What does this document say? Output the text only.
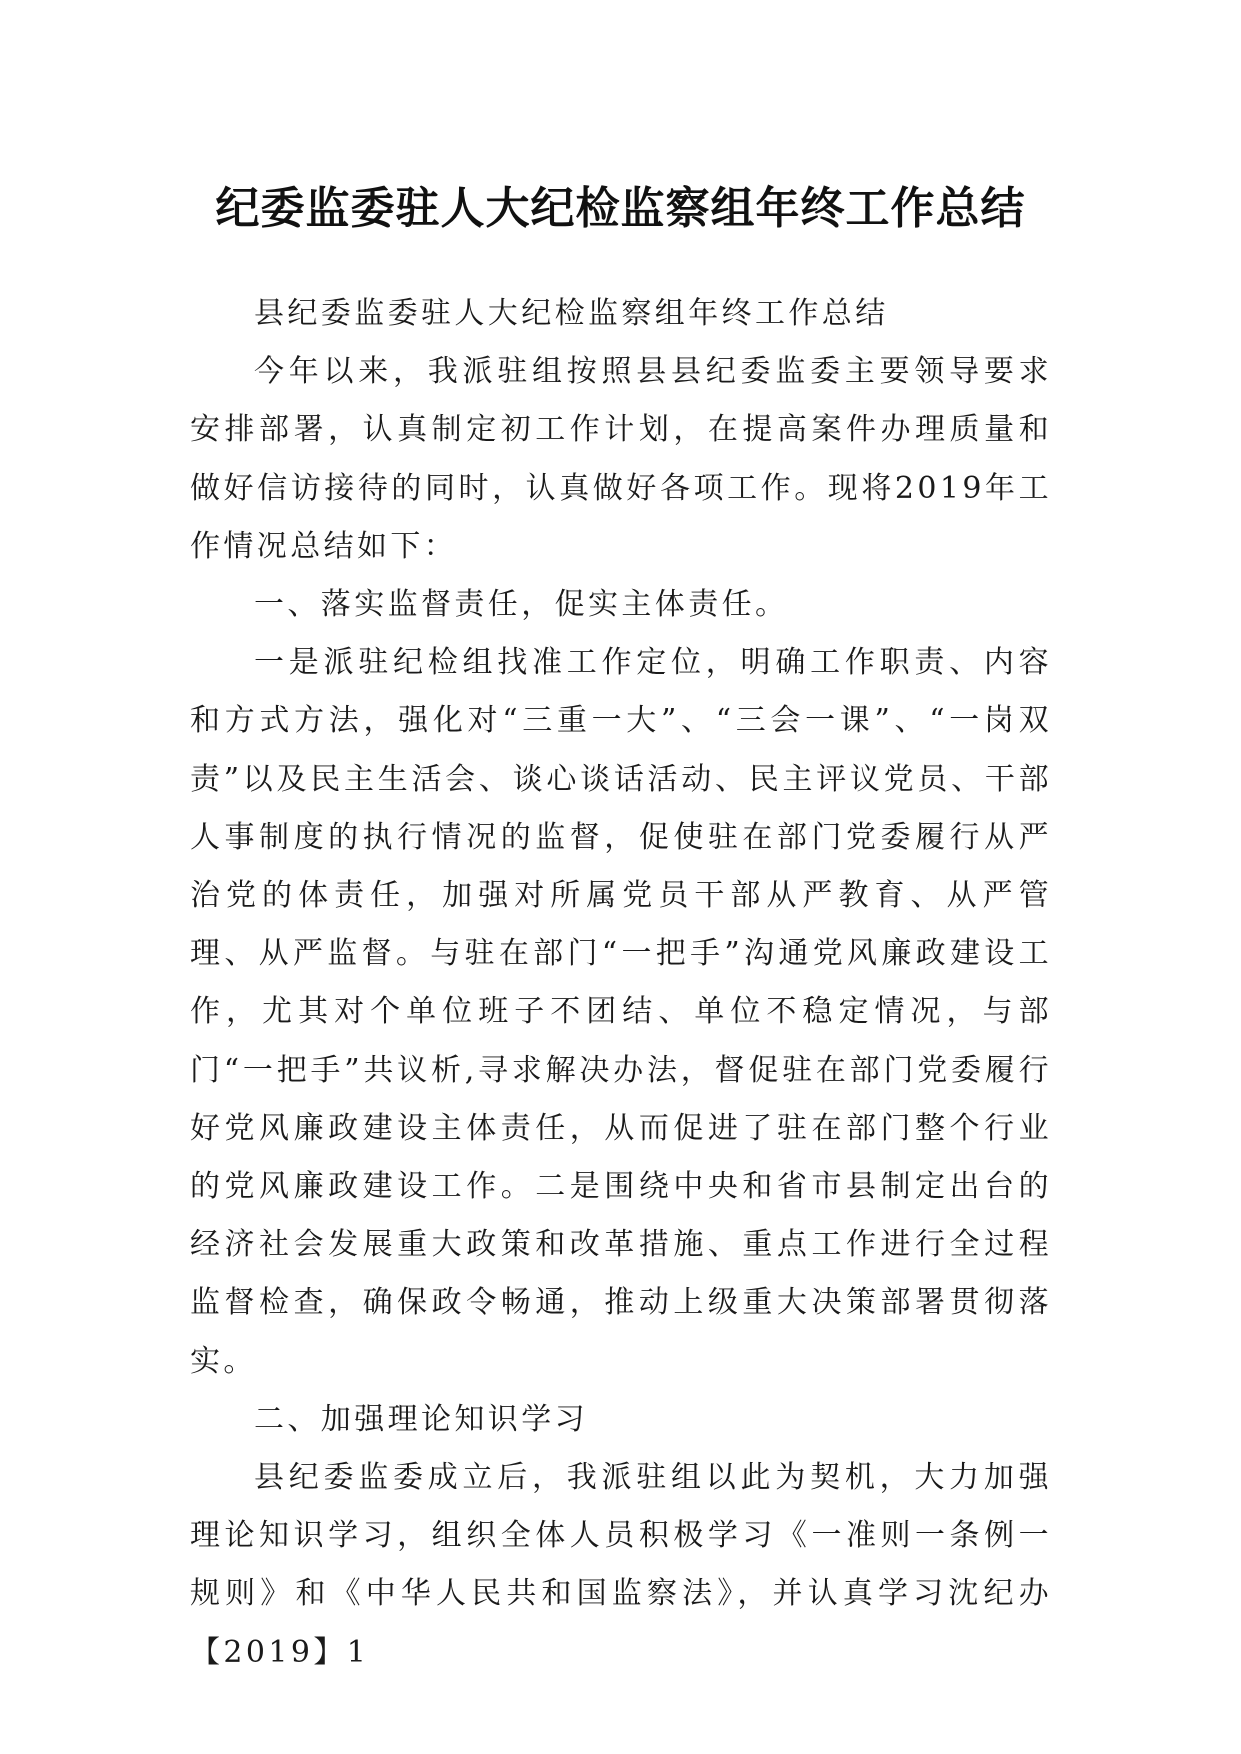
纪委监委驻人大纪检监察组年终工作总结

县纪委监委驻人大纪检监察组年终工作总结

今年以来，我派驻组按照县县纪委监委主要领导要求安排部署，认真制定初工作计划，在提高案件办理质量和做好信访接待的同时，认真做好各项工作。现将2019年工作情况总结如下：

一、落实监督责任，促实主体责任。

一是派驻纪检组找准工作定位，明确工作职责、内容和方式方法，强化对“三重一大”、“三会一课”、“一岗双责”以及民主生活会、谈心谈话活动、民主评议党员、干部人事制度的执行情况的监督，促使驻在部门党委履行从严治党的体责任，加强对所属党员干部从严教育、从严管理、从严监督。与驻在部门“一把手”沟通党风廉政建设工作，尤其对个单位班子不团结、单位不稳定情况，与部门“一把手”共议析,寻求解决办法，督促驻在部门党委履行好党风廉政建设主体责任，从而促进了驻在部门整个行业的党风廉政建设工作。二是围绕中央和省市县制定出台的经济社会发展重大政策和改革措施、重点工作进行全过程监督检查，确保政令畅通，推动上级重大决策部署贯彻落实。

二、加强理论知识学习

县纪委监委成立后，我派驻组以此为契机，大力加强理论知识学习，组织全体人员积极学习《一准则一条例一规则》和《中华人民共和国监察法》，并认真学习沈纪办【2019】1
